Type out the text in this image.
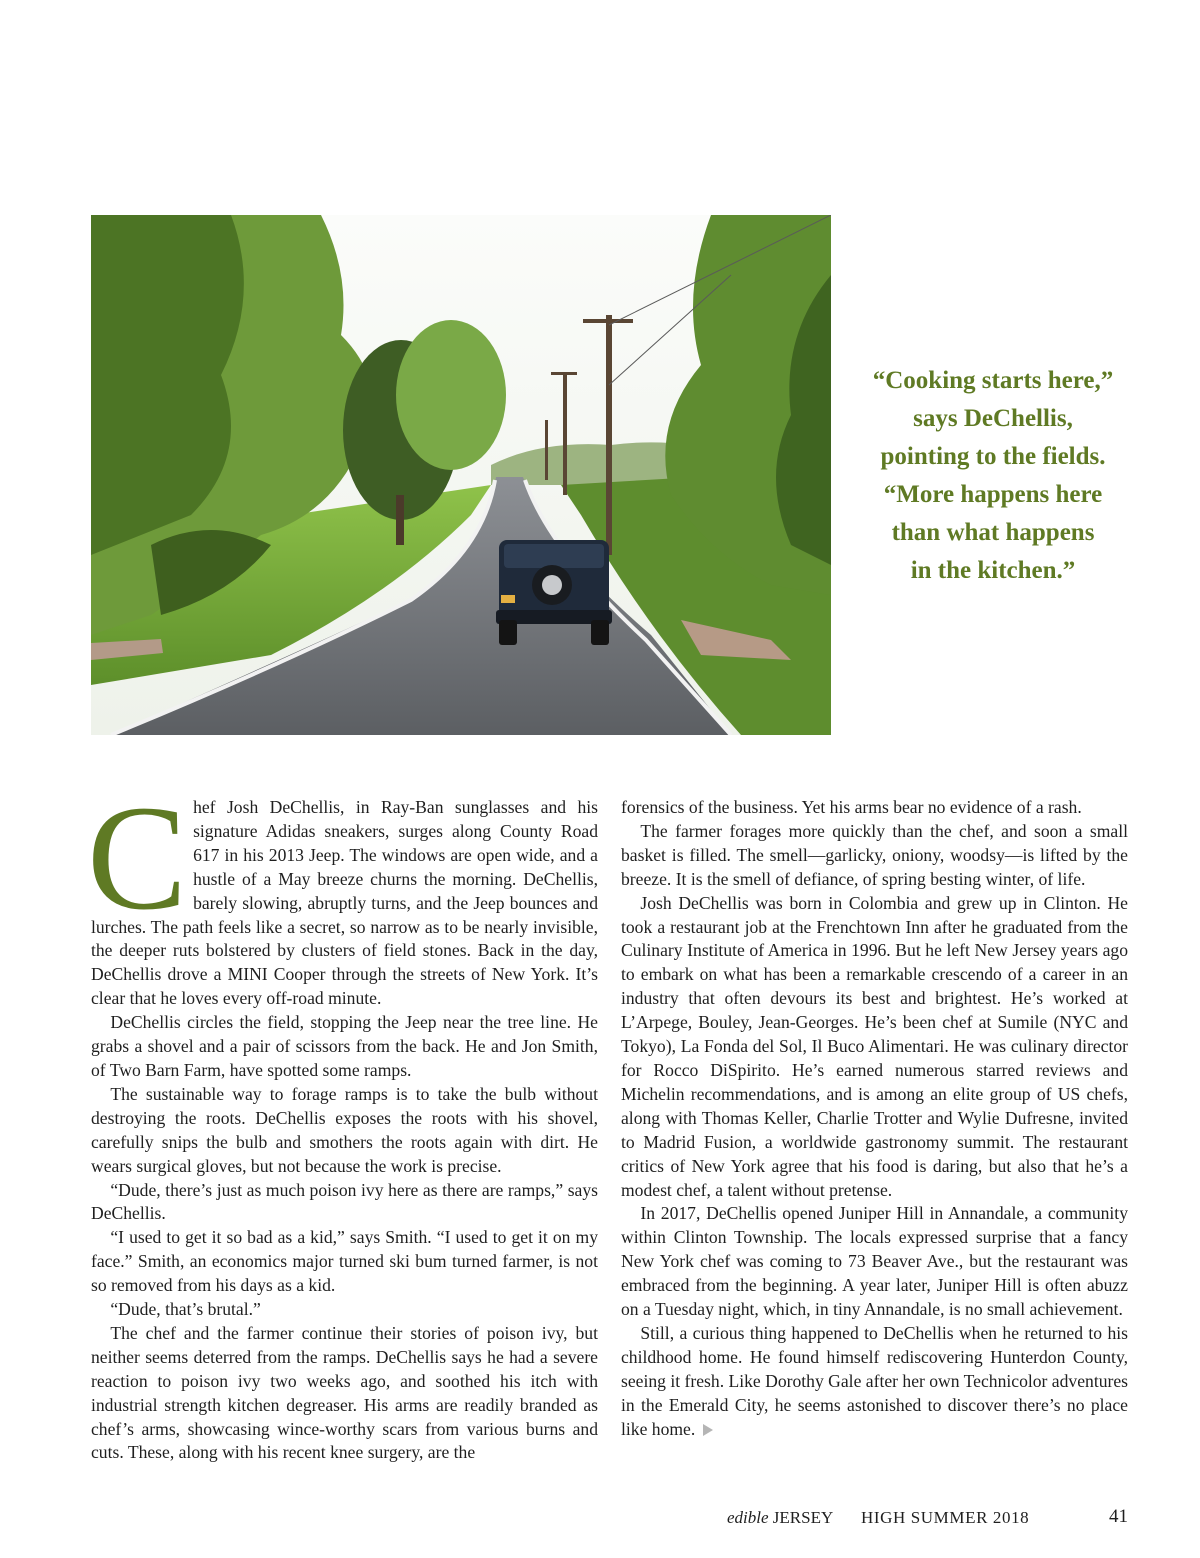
“Cooking starts here,”
says DeChellis,
pointing to the fields.
“More happens here
than what happens
in the kitchen.”

Chef Josh DeChellis, in Ray-Ban sunglasses and his signature Adidas sneakers, surges along County Road 617 in his 2013 Jeep. The windows are open wide, and a hustle of a May breeze churns the morning. DeChellis, barely slowing, abruptly turns, and the Jeep bounces and lurches. The path feels like a secret, so narrow as to be nearly invisible, the deeper ruts bolstered by clusters of field stones. Back in the day, DeChellis drove a MINI Cooper through the streets of New York. It’s clear that he loves every off-road minute.

DeChellis circles the field, stopping the Jeep near the tree line. He grabs a shovel and a pair of scissors from the back. He and Jon Smith, of Two Barn Farm, have spotted some ramps.

The sustainable way to forage ramps is to take the bulb without destroying the roots. DeChellis exposes the roots with his shovel, carefully snips the bulb and smothers the roots again with dirt. He wears surgical gloves, but not because the work is precise.

“Dude, there’s just as much poison ivy here as there are ramps,” says DeChellis.

“I used to get it so bad as a kid,” says Smith. “I used to get it on my face.” Smith, an economics major turned ski bum turned farmer, is not so removed from his days as a kid.

“Dude, that’s brutal.”

The chef and the farmer continue their stories of poison ivy, but neither seems deterred from the ramps. DeChellis says he had a severe reaction to poison ivy two weeks ago, and soothed his itch with industrial strength kitchen degreaser. His arms are readily branded as chef’s arms, showcasing wince-worthy scars from various burns and cuts. These, along with his recent knee surgery, are the

forensics of the business. Yet his arms bear no evidence of a rash.

The farmer forages more quickly than the chef, and soon a small basket is filled. The smell—garlicky, oniony, woodsy—is lifted by the breeze. It is the smell of defiance, of spring besting winter, of life.

Josh DeChellis was born in Colombia and grew up in Clinton. He took a restaurant job at the Frenchtown Inn after he graduated from the Culinary Institute of America in 1996. But he left New Jersey years ago to embark on what has been a remarkable crescendo of a career in an industry that often devours its best and brightest. He’s worked at L’Arpege, Bouley, Jean-Georges. He’s been chef at Sumile (NYC and Tokyo), La Fonda del Sol, Il Buco Alimentari. He was culinary director for Rocco DiSpirito. He’s earned numerous starred reviews and Michelin recommendations, and is among an elite group of US chefs, along with Thomas Keller, Charlie Trotter and Wylie Dufresne, invited to Madrid Fusion, a worldwide gastronomy summit. The restaurant critics of New York agree that his food is daring, but also that he’s a modest chef, a talent without pretense.

In 2017, DeChellis opened Juniper Hill in Annandale, a community within Clinton Township. The locals expressed surprise that a fancy New York chef was coming to 73 Beaver Ave., but the restaurant was embraced from the beginning. A year later, Juniper Hill is often abuzz on a Tuesday night, which, in tiny Annandale, is no small achievement.

Still, a curious thing happened to DeChellis when he returned to his childhood home. He found himself rediscovering Hunterdon County, seeing it fresh. Like Dorothy Gale after her own Technicolor adventures in the Emerald City, he seems astonished to discover there’s no place like home.

edible JERSEY HIGH SUMMER 2018	41
